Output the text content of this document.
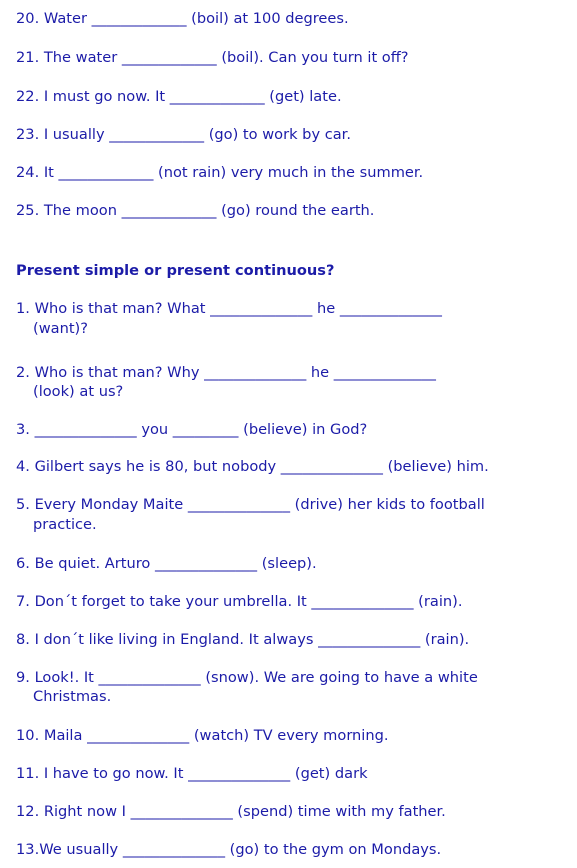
20. Water _____________ (boil) at 100 degrees.
21. The water _____________ (boil). Can you turn it off?
22. I must go now. It _____________ (get) late.
23. I usually _____________ (go) to work by car.
24. It _____________ (not rain) very much in the summer.
25. The moon _____________ (go) round the earth.
Present simple or present continuous?
1. Who is that man? What ______________ he ______________
(want)?
2. Who is that man? Why ______________ he ______________
(look) at us?
3. ______________ you _________ (believe) in God?
4. Gilbert says he is 80, but nobody ______________ (believe) him.
5. Every Monday Maite ______________ (drive) her kids to football
practice.
6. Be quiet. Arturo ______________ (sleep).
7. Don´t forget to take your umbrella. It ______________ (rain).
8. I don´t like living in England. It always ______________ (rain).
9. Look!. It ______________ (snow). We are going to have a white
Christmas.
10. Maila ______________ (watch) TV every morning.
11. I have to go now. It ______________ (get) dark
12. Right now I ______________ (spend) time with my father.
13.We usually ______________ (go) to the gym on Mondays.
